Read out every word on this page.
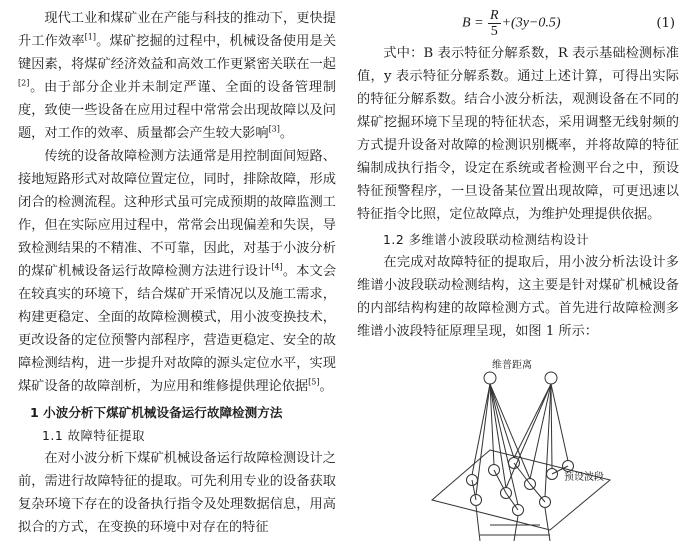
现代工业和煤矿业在产能与科技的推动下，更快提升工作效率[1]。煤矿挖掘的过程中，机械设备使用是关键因素，将煤矿经济效益和高效工作更紧密关联在一起[2]。由于部分企业并未制定严谨、全面的设备管理制度，致使一些设备在应用过程中常常会出现故障以及问题，对工作的效率、质量都会产生较大影响[3]。

传统的设备故障检测方法通常是用控制面间短路、接地短路形式对故障位置定位，同时，排除故障，形成闭合的检测流程。这种形式虽可完成预期的故障监测工作，但在实际应用过程中，常常会出现偏差和失误，导致检测结果的不精准、不可靠，因此，对基于小波分析的煤矿机械设备运行故障检测方法进行设计[4]。本文会在较真实的环境下，结合煤矿开采情况以及施工需求，构建更稳定、全面的故障检测模式，用小波变换技术，更改设备的定位预警内部程序，营造更稳定、安全的故障检测结构，进一步提升对故障的源头定位水平，实现煤矿设备的故障剖析，为应用和维修提供理论依据[5]。

1 小波分析下煤矿机械设备运行故障检测方法
1.1 故障特征提取

在对小波分析下煤矿机械设备运行故障检测设计之前，需进行故障特征的提取。可先利用专业的设备获取复杂环境下存在的设备执行指令及处理数据信息，用高拟合的方式，在变换的环境中对存在的特征

$B = \frac{R}{5} +(3y-0.5)$	(1)

式中：B 表示特征分解系数，R 表示基础检测标准值，y 表示特征分解系数。通过上述计算，可得出实际的特征分解系数。结合小波分析法，观测设备在不同的煤矿挖掘环境下呈现的特征状态，采用调整无线射频的方式提升设备对故障的检测识别概率，并将故障的特征编制成执行指令，设定在系统或者检测平台之中，预设特征预警程序，一旦设备某位置出现故障，可更迅速以特征指令比照，定位故障点，为维护处理提供依据。

1.2 多维谱小波段联动检测结构设计

在完成对故障特征的提取后，用小波分析法设计多维谱小波段联动检测结构，这主要是针对煤矿机械设备的内部结构构建的故障检测方式。首先进行故障检测多维谱小波段特征原理呈现，如图 1 所示：

维普距离
预设波段
